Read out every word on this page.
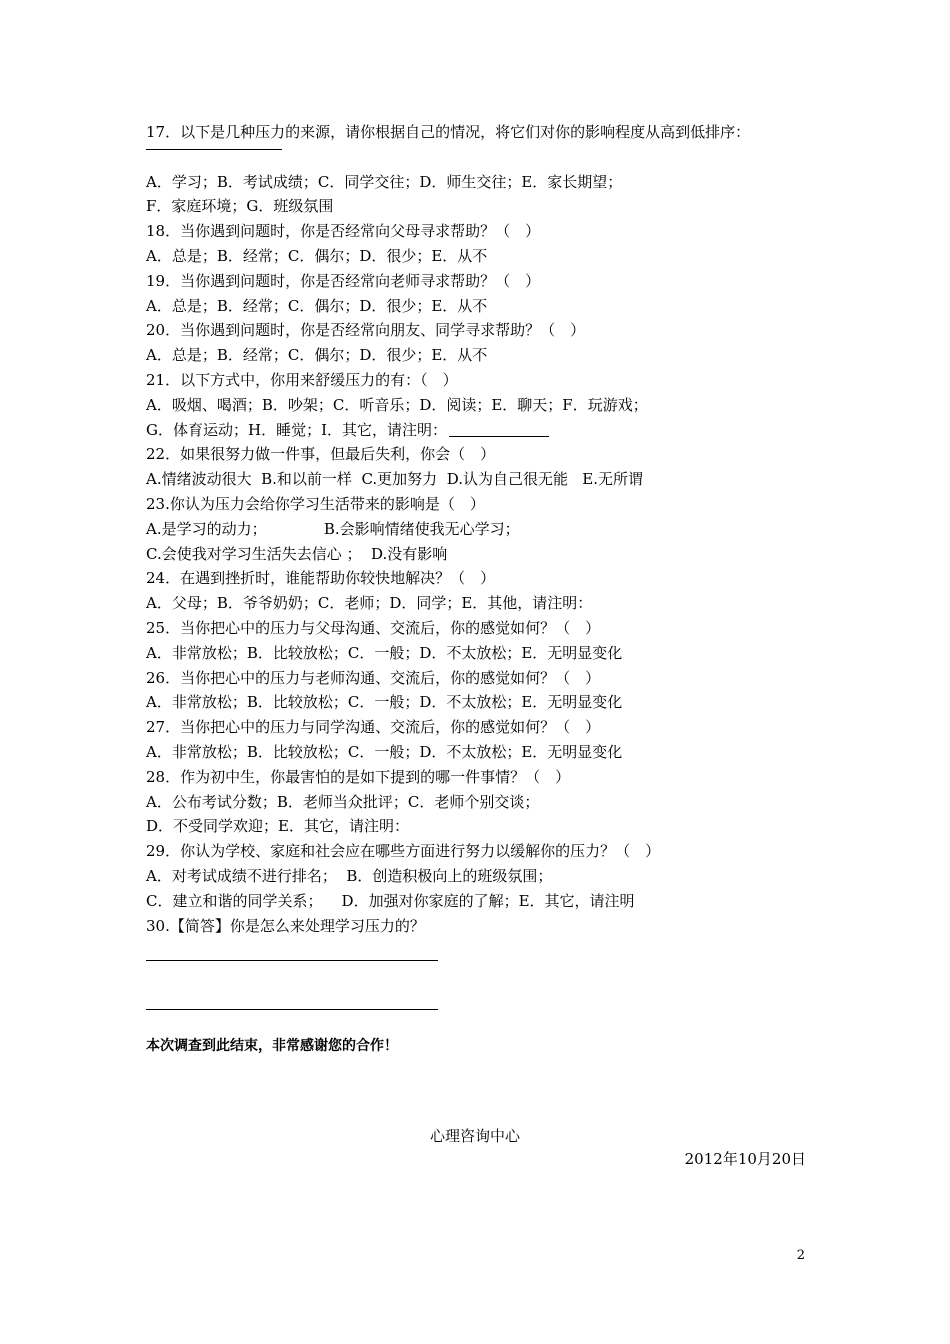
17．以下是几种压力的来源，请你根据自己的情况，将它们对你的影响程度从高到低排序：

A．学习；B．考试成绩；C．同学交往；D．师生交往；E．家长期望；

F．家庭环境；G．班级氛围

18．当你遇到问题时，你是否经常向父母寻求帮助？（　）

A．总是；B．经常；C．偶尔；D．很少；E．从不

19．当你遇到问题时，你是否经常向老师寻求帮助？（　）

A．总是；B．经常；C．偶尔；D．很少；E．从不

20．当你遇到问题时，你是否经常向朋友、同学寻求帮助？（　）

A．总是；B．经常；C．偶尔；D．很少；E．从不

21．以下方式中，你用来舒缓压力的有：（　）

A．吸烟、喝酒；B．吵架；C．听音乐；D．阅读；E．聊天；F．玩游戏；

G．体育运动；H．睡觉；I．其它，请注明：

22．如果很努力做一件事，但最后失利，你会（　）

A.情绪波动很大  B.和以前一样  C.更加努力  D.认为自己很无能   E.无所谓

23.你认为压力会给你学习生活带来的影响是（　）

A.是学习的动力；            B.会影响情绪使我无心学习；

C.会使我对学习生活失去信心 ；  D.没有影响

24．在遇到挫折时，谁能帮助你较快地解决？（　）

A．父母；B．爷爷奶奶；C．老师；D．同学；E．其他，请注明：

25．当你把心中的压力与父母沟通、交流后，你的感觉如何？（　）

A．非常放松；B．比较放松；C．一般；D．不太放松；E．无明显变化

26．当你把心中的压力与老师沟通、交流后，你的感觉如何？（　）

A．非常放松；B．比较放松；C．一般；D．不太放松；E．无明显变化

27．当你把心中的压力与同学沟通、交流后，你的感觉如何？（　）

A．非常放松；B．比较放松；C．一般；D．不太放松；E．无明显变化

28．作为初中生，你最害怕的是如下提到的哪一件事情？（　）

A．公布考试分数；B．老师当众批评；C．老师个别交谈；

D．不受同学欢迎；E．其它，请注明：

29．你认为学校、家庭和社会应在哪些方面进行努力以缓解你的压力？（　）

A．对考试成绩不进行排名；  B．创造积极向上的班级氛围；

C．建立和谐的同学关系；    D．加强对你家庭的了解；E．其它，请注明

30.【简答】你是怎么来处理学习压力的？

本次调查到此结束，非常感谢您的合作！

心理咨询中心
2012年10月20日
2
